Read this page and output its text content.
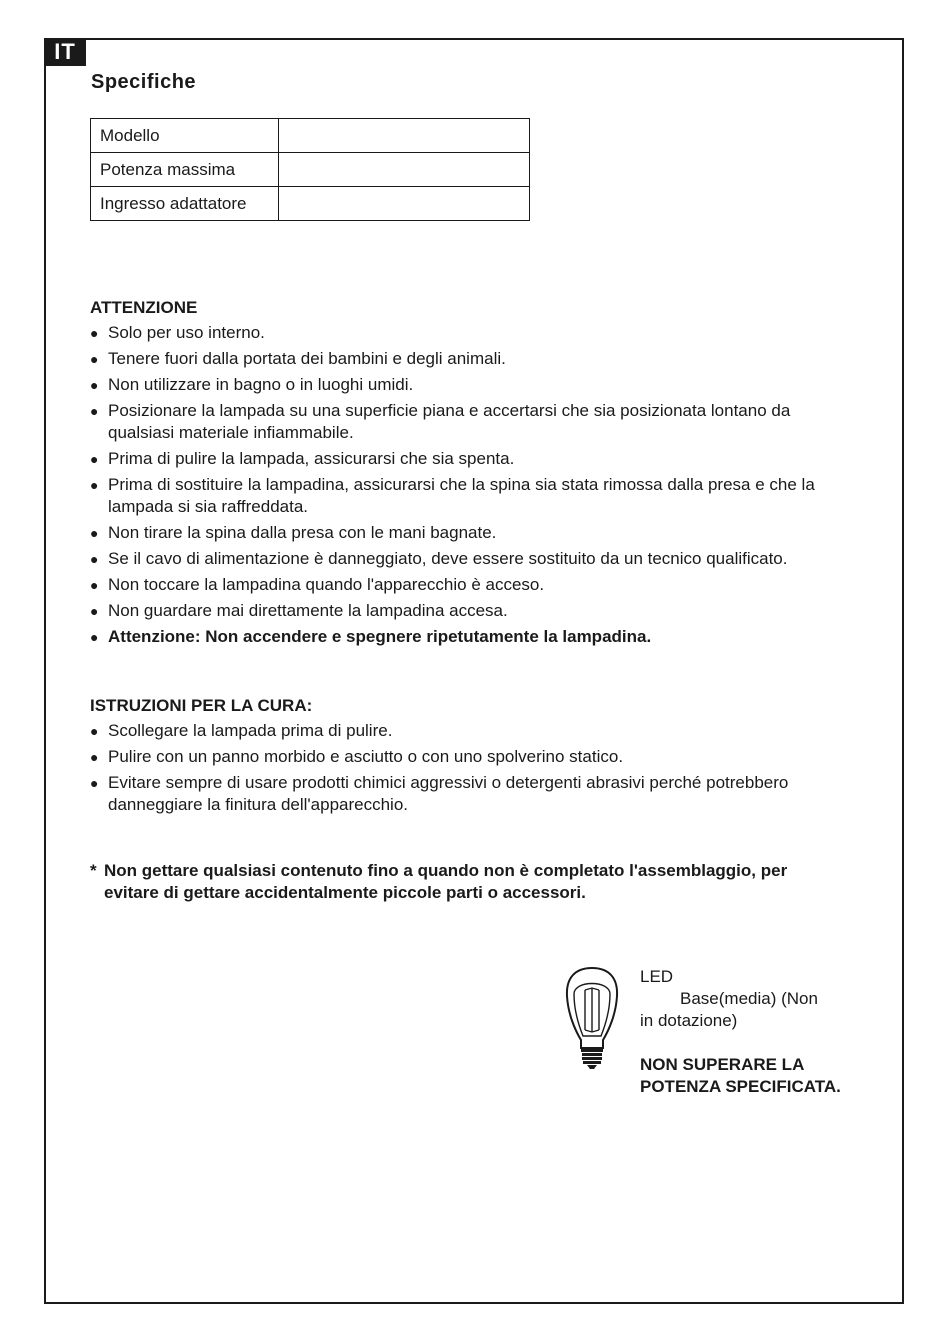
IT
Specifiche
Modello	
Potenza massima	
Ingresso adattatore	
ATTENZIONE
● Solo per uso interno.
● Tenere fuori dalla portata dei bambini e degli animali.
● Non utilizzare in bagno o in luoghi umidi.
● Posizionare la lampada su una superficie piana e accertarsi che sia posizionata lontano da qualsiasi materiale infiammabile.
● Prima di pulire la lampada, assicurarsi che sia spenta.
● Prima di sostituire la lampadina, assicurarsi che la spina sia stata rimossa dalla presa e che la lampada si sia raffreddata.
● Non tirare la spina dalla presa con le mani bagnate.
● Se il cavo di alimentazione è danneggiato, deve essere sostituito da un tecnico qualificato.
● Non toccare la lampadina quando l'apparecchio è acceso.
● Non guardare mai direttamente la lampadina accesa.
● Attenzione: Non accendere e spegnere ripetutamente la lampadina.
ISTRUZIONI PER LA CURA:
● Scollegare la lampada prima di pulire.
● Pulire con un panno morbido e asciutto o con uno spolverino statico.
● Evitare sempre di usare prodotti chimici aggressivi o detergenti abrasivi perché potrebbero danneggiare la finitura dell'apparecchio.
* Non gettare qualsiasi contenuto fino a quando non è completato l'assemblaggio, per evitare di gettare accidentalmente piccole parti o accessori.
LED
Base(media) (Non
in dotazione)
NON SUPERARE LA POTENZA SPECIFICATA.
